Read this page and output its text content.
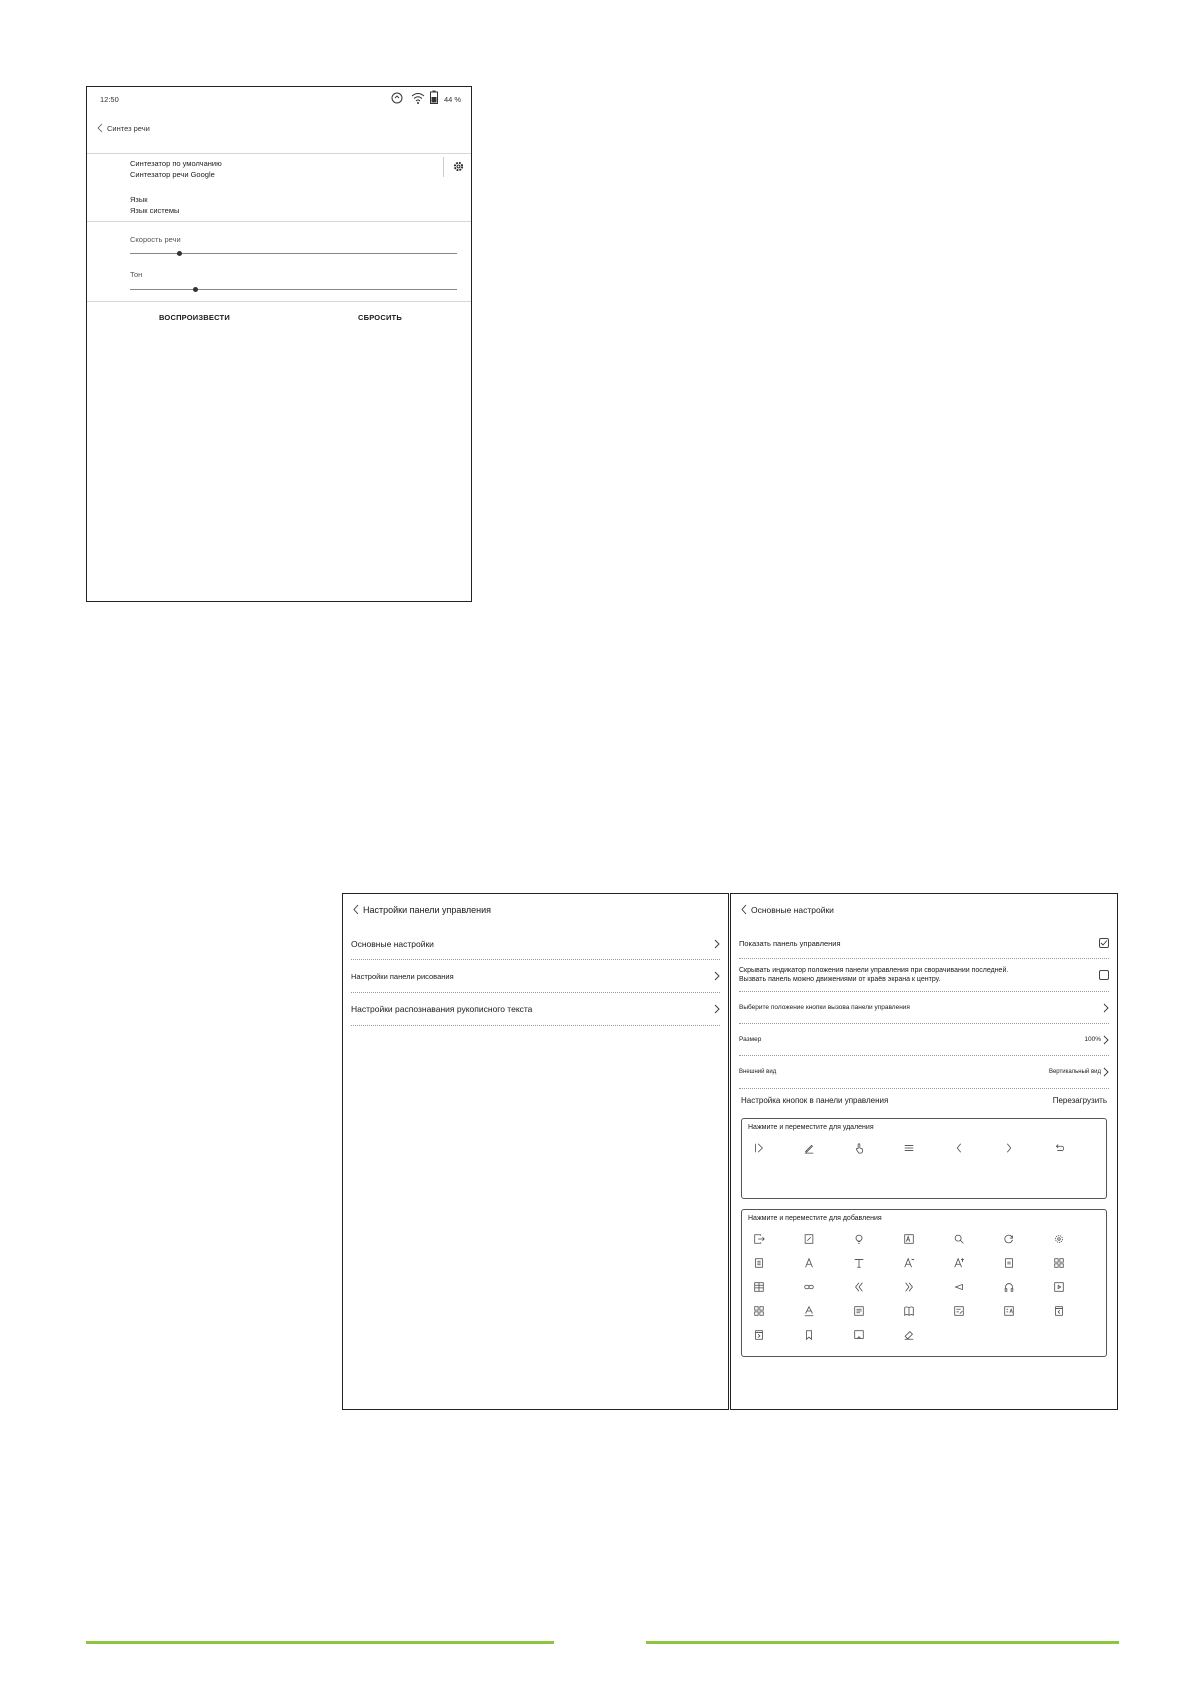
12:50	44 %
Синтез речи
Синтезатор по умолчанию
Синтезатор речи Google
Язык
Язык системы
Скорость речи
Тон
ВОСПРОИЗВЕСТИ	СБРОСИТЬ
Настройки панели управления
Основные настройки
Настройки панели рисования
Настройки распознавания рукописного текста
Основные настройки
Показать панель управления
Скрывать индикатор положения панели управления при сворачивании последней.
Вызвать панель можно движениями от краёв экрана к центру.
Выберите положение кнопки вызова панели управления
Размер	100%
Внешний вид	Вертикальный вид
Настройка кнопок в панели управления	Перезагрузить
Нажмите и переместите для удаления
Нажмите и переместите для добавления
